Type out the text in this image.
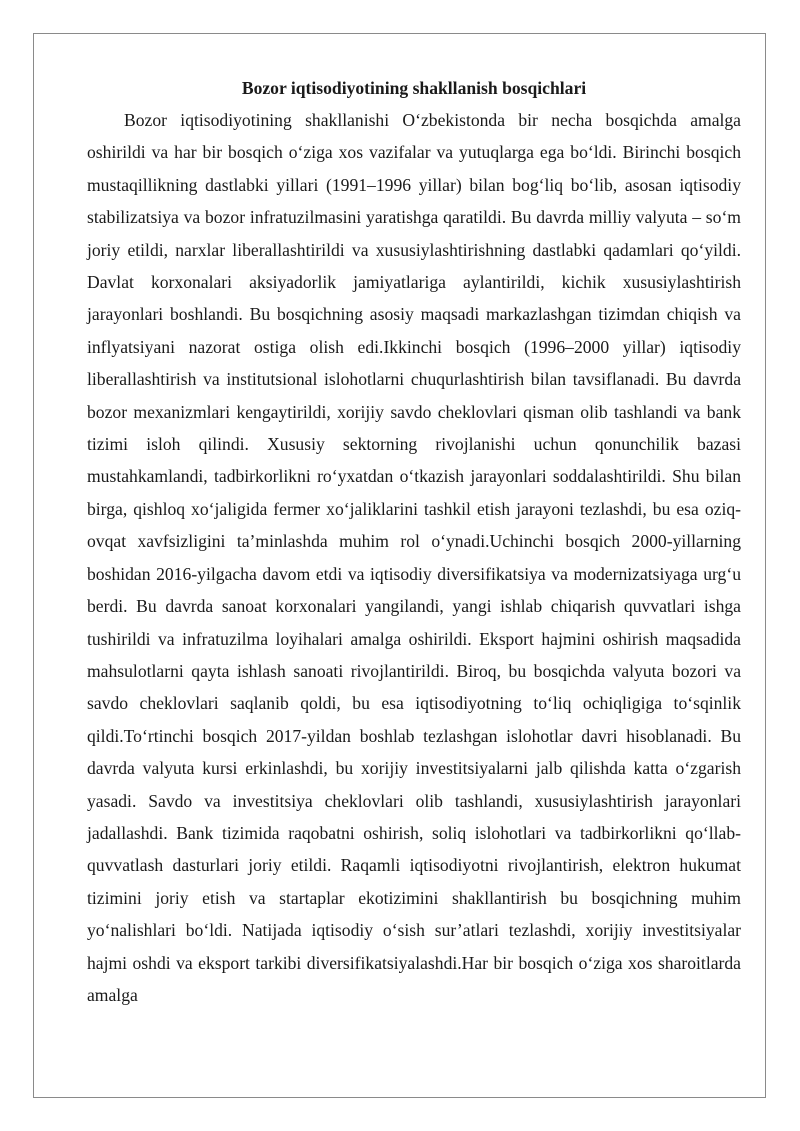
Bozor iqtisodiyotining shakllanish bosqichlari

Bozor iqtisodiyotining shakllanishi O‘zbekistonda bir necha bosqichda amalga oshirildi va har bir bosqich o‘ziga xos vazifalar va yutuqlarga ega bo‘ldi. Birinchi bosqich mustaqillikning dastlabki yillari (1991–1996 yillar) bilan bog‘liq bo‘lib, asosan iqtisodiy stabilizatsiya va bozor infratuzilmasini yaratishga qaratildi. Bu davrda milliy valyuta – so‘m joriy etildi, narxlar liberallashtirildi va xususiylashtirishning dastlabki qadamlari qo‘yildi. Davlat korxonalari aksiyadorlik jamiyatlariga aylantirildi, kichik xususiylashtirish jarayonlari boshlandi. Bu bosqichning asosiy maqsadi markazlashgan tizimdan chiqish va inflyatsiyani nazorat ostiga olish edi.Ikkinchi bosqich (1996–2000 yillar) iqtisodiy liberallashtirish va institutsional islohotlarni chuqurlashtirish bilan tavsiflanadi. Bu davrda bozor mexanizmlari kengaytirildi, xorijiy savdo cheklovlari qisman olib tashlandi va bank tizimi isloh qilindi. Xususiy sektorning rivojlanishi uchun qonunchilik bazasi mustahkamlandi, tadbirkorlikni ro‘yxatdan o‘tkazish jarayonlari soddalashtirildi. Shu bilan birga, qishloq xo‘jaligida fermer xo‘jaliklarini tashkil etish jarayoni tezlashdi, bu esa oziq-ovqat xavfsizligini ta’minlashda muhim rol o‘ynadi.Uchinchi bosqich 2000-yillarning boshidan 2016-yilgacha davom etdi va iqtisodiy diversifikatsiya va modernizatsiyaga urg‘u berdi. Bu davrda sanoat korxonalari yangilandi, yangi ishlab chiqarish quvvatlari ishga tushirildi va infratuzilma loyihalari amalga oshirildi. Eksport hajmini oshirish maqsadida mahsulotlarni qayta ishlash sanoati rivojlantirildi. Biroq, bu bosqichda valyuta bozori va savdo cheklovlari saqlanib qoldi, bu esa iqtisodiyotning to‘liq ochiqligiga to‘sqinlik qildi.To‘rtinchi bosqich 2017-yildan boshlab tezlashgan islohotlar davri hisoblanadi. Bu davrda valyuta kursi erkinlashdi, bu xorijiy investitsiyalarni jalb qilishda katta o‘zgarish yasadi. Savdo va investitsiya cheklovlari olib tashlandi, xususiylashtirish jarayonlari jadallashdi. Bank tizimida raqobatni oshirish, soliq islohotlari va tadbirkorlikni qo‘llab-quvvatlash dasturlari joriy etildi. Raqamli iqtisodiyotni rivojlantirish, elektron hukumat tizimini joriy etish va startaplar ekotizimini shakllantirish bu bosqichning muhim yo‘nalishlari bo‘ldi. Natijada iqtisodiy o‘sish sur’atlari tezlashdi, xorijiy investitsiyalar hajmi oshdi va eksport tarkibi diversifikatsiyalashdi.Har bir bosqich o‘ziga xos sharoitlarda amalga
